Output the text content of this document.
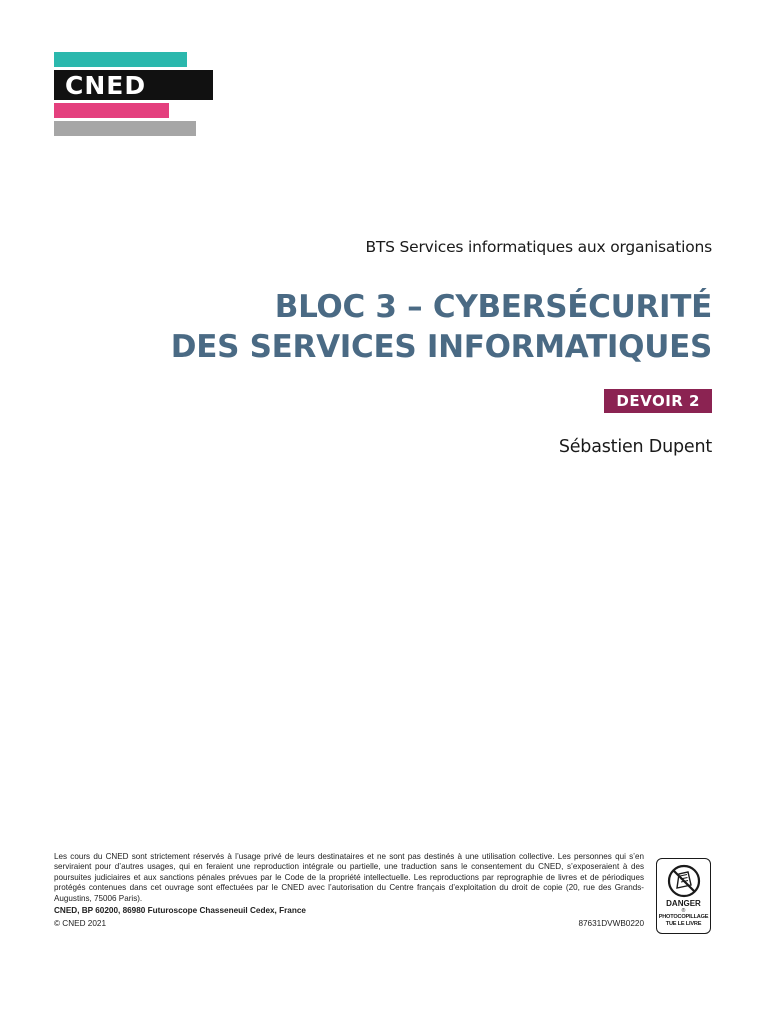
CNED

BTS Services informatiques aux organisations

BLOC 3 – CYBERSÉCURITÉ
DES SERVICES INFORMATIQUES
DEVOIR 2
Sébastien Dupent

Les cours du CNED sont strictement réservés à l’usage privé de leurs destinataires et ne sont pas destinés à une utilisation collective. Les personnes qui s’en serviraient pour d’autres usages, qui en feraient une reproduction intégrale ou partielle, une traduction sans le consentement du CNED, s’exposeraient à des poursuites judiciaires et aux sanctions pénales prévues par le Code de la propriété intellectuelle. Les reproductions par reprographie de livres et de périodiques protégés contenues dans cet ouvrage sont effectuées par le CNED avec l’autorisation du Centre français d’exploitation du droit de copie (20, rue des Grands-Augustins, 75006 Paris).

CNED, BP 60200, 86980 Futuroscope Chasseneuil Cedex, France
© CNED 2021	87631DVWB0220
DANGER
®
PHOTOCOPILLAGE
TUE LE LIVRE
